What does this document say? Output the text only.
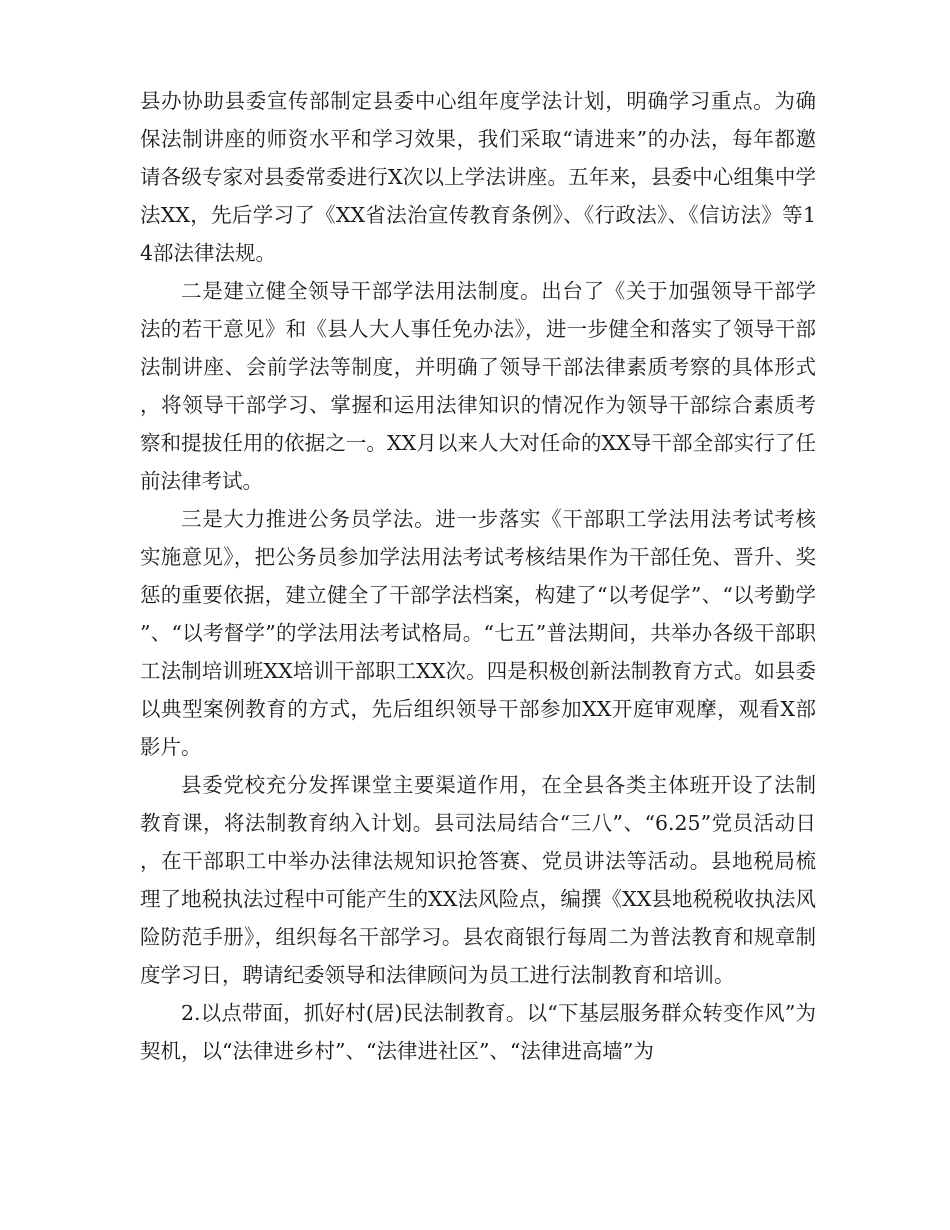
县办协助县委宣传部制定县委中心组年度学法计划，明确学习重点。为确保法制讲座的师资水平和学习效果，我们采取“请进来”的办法，每年都邀请各级专家对县委常委进行X次以上学法讲座。五年来，县委中心组集中学法XX，先后学习了《XX省法治宣传教育条例》、《行政法》、《信访法》等14部法律法规。

二是建立健全领导干部学法用法制度。出台了《关于加强领导干部学法的若干意见》和《县人大人事任免办法》，进一步健全和落实了领导干部法制讲座、会前学法等制度，并明确了领导干部法律素质考察的具体形式，将领导干部学习、掌握和运用法律知识的情况作为领导干部综合素质考察和提拔任用的依据之一。XX月以来人大对任命的XX导干部全部实行了任前法律考试。

三是大力推进公务员学法。进一步落实《干部职工学法用法考试考核实施意见》，把公务员参加学法用法考试考核结果作为干部任免、晋升、奖惩的重要依据，建立健全了干部学法档案，构建了“以考促学”、“以考勤学”、“以考督学”的学法用法考试格局。“七五”普法期间，共举办各级干部职工法制培训班XX培训干部职工XX次。四是积极创新法制教育方式。如县委以典型案例教育的方式，先后组织领导干部参加XX开庭审观摩，观看X部影片。

县委党校充分发挥课堂主要渠道作用，在全县各类主体班开设了法制教育课，将法制教育纳入计划。县司法局结合“三八”、“6.25”党员活动日，在干部职工中举办法律法规知识抢答赛、党员讲法等活动。县地税局梳理了地税执法过程中可能产生的XX法风险点，编撰《XX县地税税收执法风险防范手册》，组织每名干部学习。县农商银行每周二为普法教育和规章制度学习日，聘请纪委领导和法律顾问为员工进行法制教育和培训。

2.以点带面，抓好村(居)民法制教育。以“下基层服务群众转变作风”为契机，以“法律进乡村”、“法律进社区”、“法律进高墙”为
